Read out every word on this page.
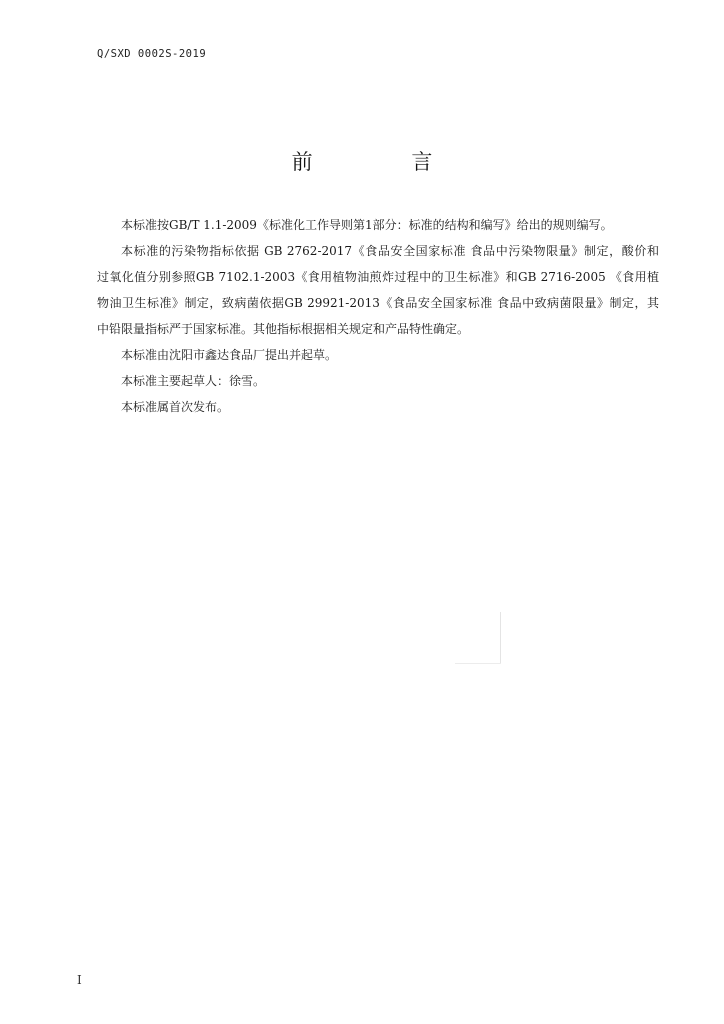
Q/SXD 0002S-2019
前 言

本标准按GB/T 1.1-2009《标准化工作导则第1部分：标准的结构和编写》给出的规则编写。

本标准的污染物指标依据 GB 2762-2017《食品安全国家标准 食品中污染物限量》制定，酸价和
过氧化值分别参照GB 7102.1-2003《食用植物油煎炸过程中的卫生标准》和GB 2716-2005 《食用植
物油卫生标准》制定，致病菌依据GB 29921-2013《食品安全国家标准 食品中致病菌限量》制定，其
中铅限量指标严于国家标准。其他指标根据相关规定和产品特性确定。

本标准由沈阳市鑫达食品厂提出并起草。

本标准主要起草人：徐雪。

本标准属首次发布。

I
